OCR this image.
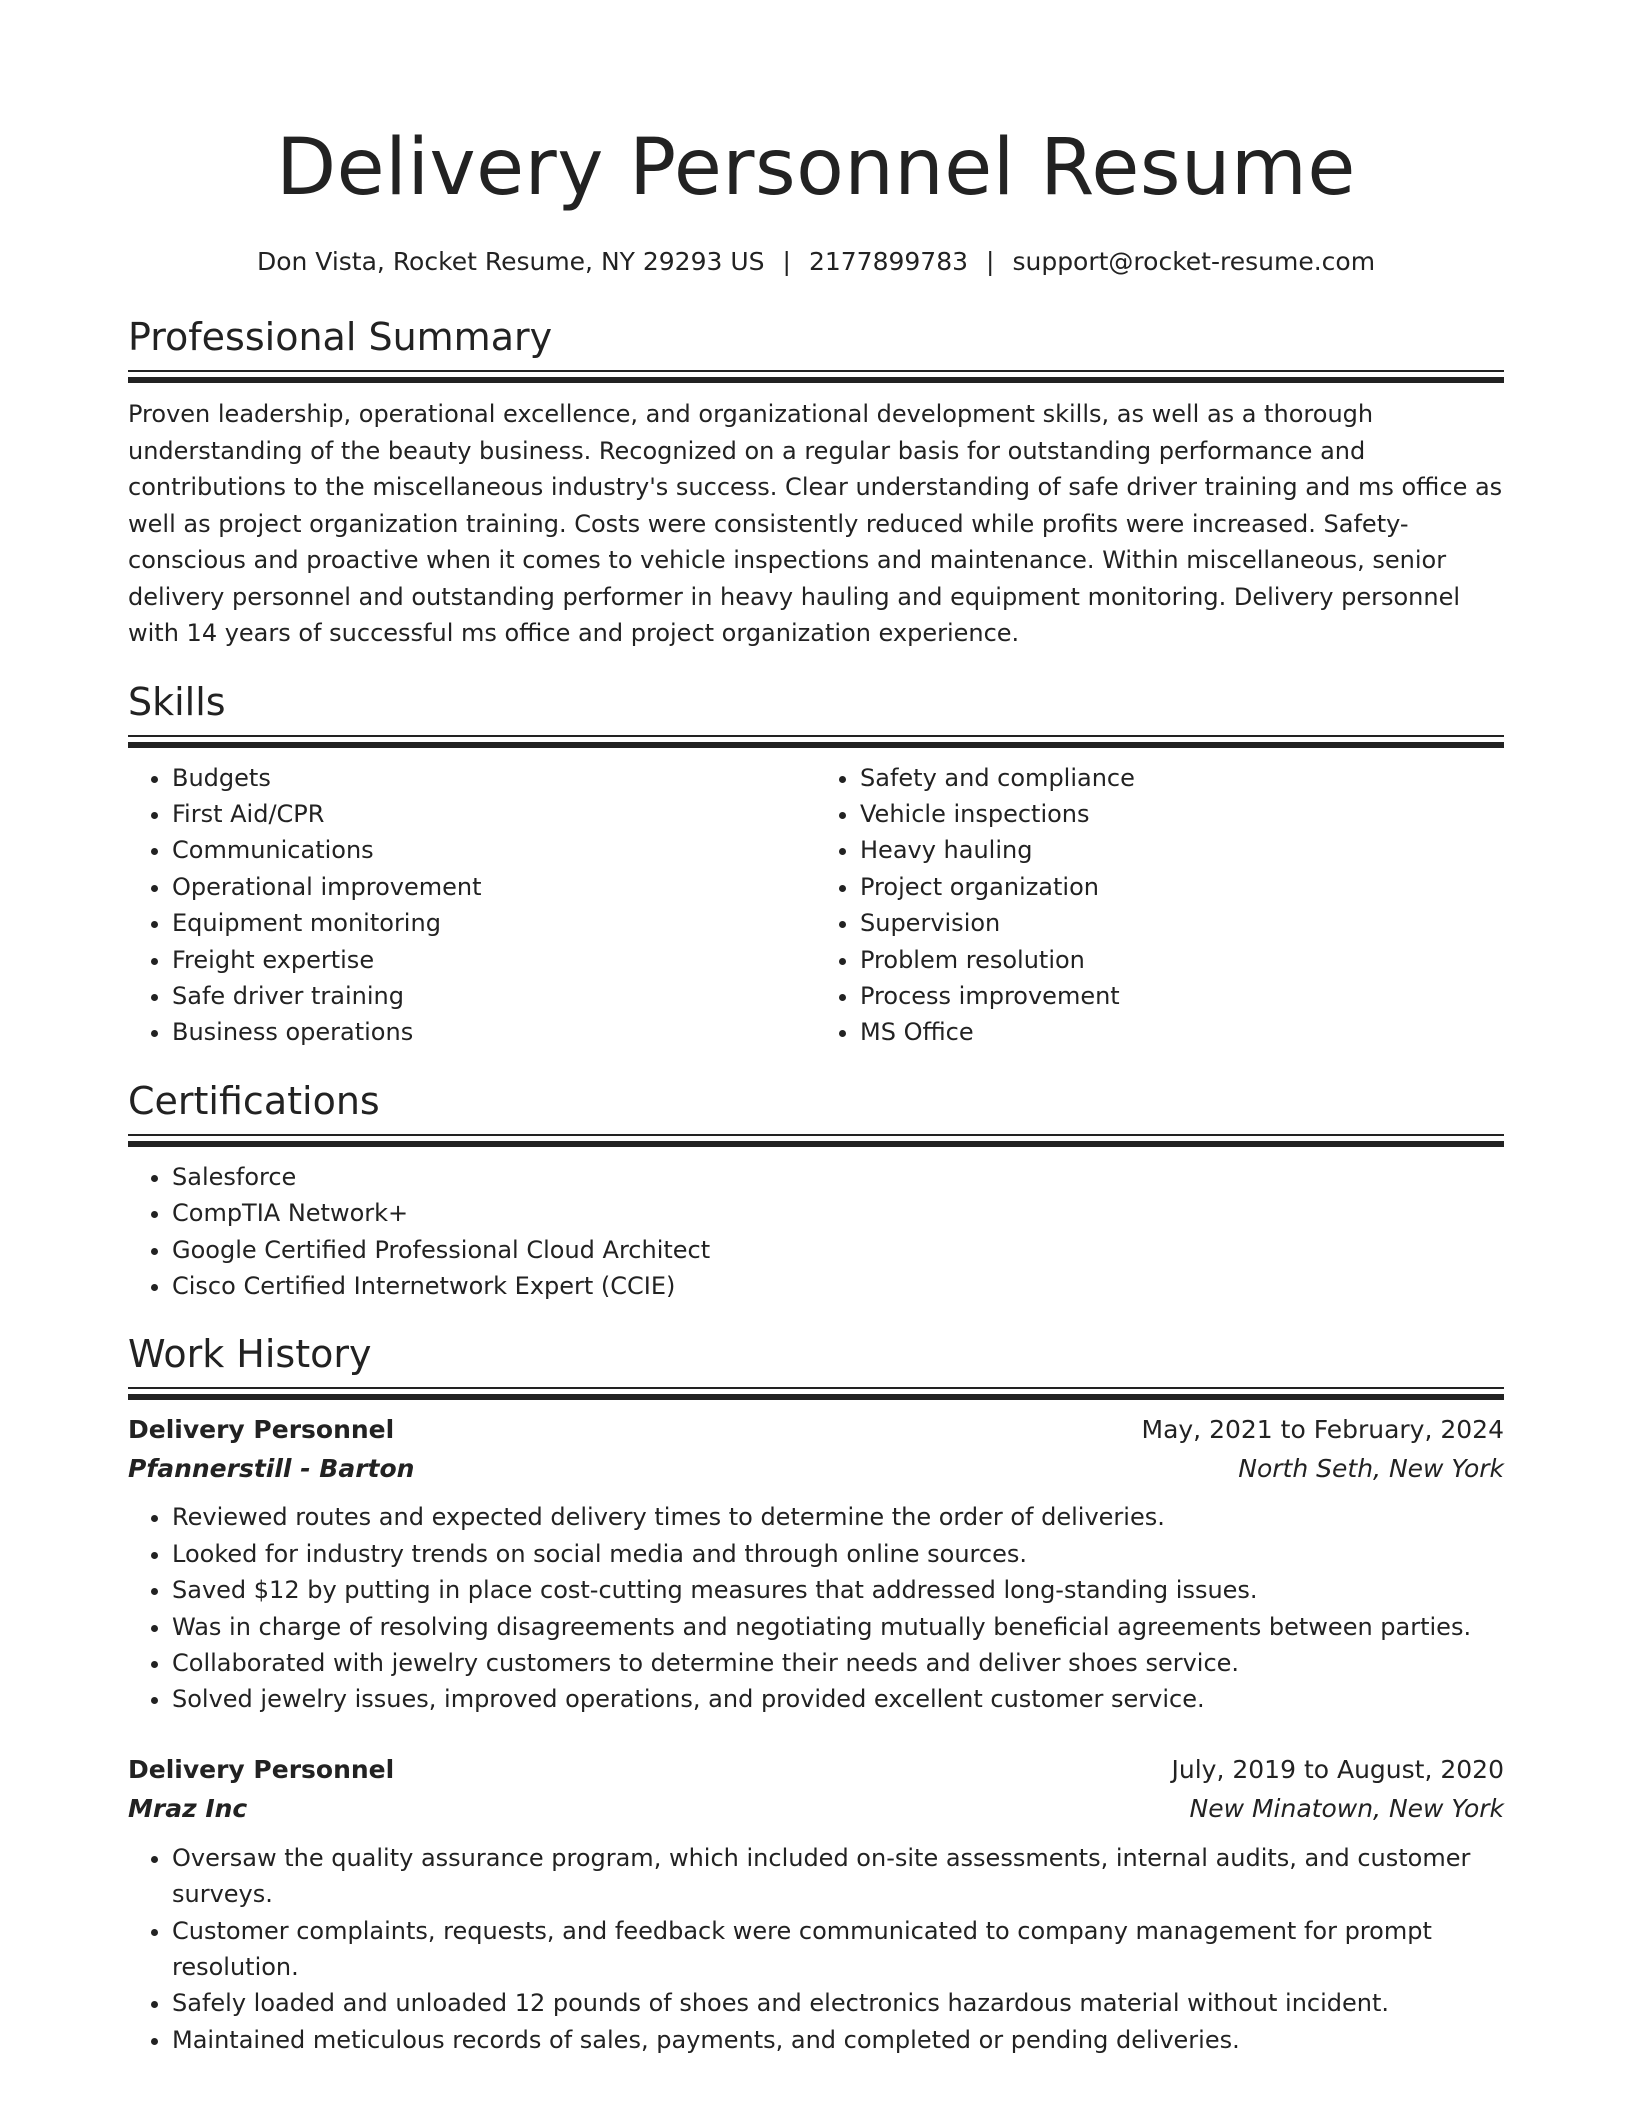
Delivery Personnel Resume
Don Vista, Rocket Resume, NY 29293 US | 2177899783 | support@rocket-resume.com
Professional Summary

Proven leadership, operational excellence, and organizational development skills, as well as a thorough understanding of the beauty business. Recognized on a regular basis for outstanding performance and contributions to the miscellaneous industry's success. Clear understanding of safe driver training and ms office as well as project organization training. Costs were consistently reduced while profits were increased. Safety-conscious and proactive when it comes to vehicle inspections and maintenance. Within miscellaneous, senior delivery personnel and outstanding performer in heavy hauling and equipment monitoring. Delivery personnel with 14 years of successful ms office and project organization experience.

Skills
• Budgets
• First Aid/CPR
• Communications
• Operational improvement
• Equipment monitoring
• Freight expertise
• Safe driver training
• Business operations
• Safety and compliance
• Vehicle inspections
• Heavy hauling
• Project organization
• Supervision
• Problem resolution
• Process improvement
• MS Office
Certifications
• Salesforce
• CompTIA Network+
• Google Certified Professional Cloud Architect
• Cisco Certified Internetwork Expert (CCIE)
Work History
Delivery Personnel	May, 2021 to February, 2024
Pfannerstill - Barton	North Seth, New York
• Reviewed routes and expected delivery times to determine the order of deliveries.
• Looked for industry trends on social media and through online sources.
• Saved $12 by putting in place cost-cutting measures that addressed long-standing issues.
• Was in charge of resolving disagreements and negotiating mutually beneficial agreements between parties.
• Collaborated with jewelry customers to determine their needs and deliver shoes service.
• Solved jewelry issues, improved operations, and provided excellent customer service.
Delivery Personnel	July, 2019 to August, 2020
Mraz Inc	New Minatown, New York
• Oversaw the quality assurance program, which included on-site assessments, internal audits, and customer surveys.
• Customer complaints, requests, and feedback were communicated to company management for prompt resolution.
• Safely loaded and unloaded 12 pounds of shoes and electronics hazardous material without incident.
• Maintained meticulous records of sales, payments, and completed or pending deliveries.
